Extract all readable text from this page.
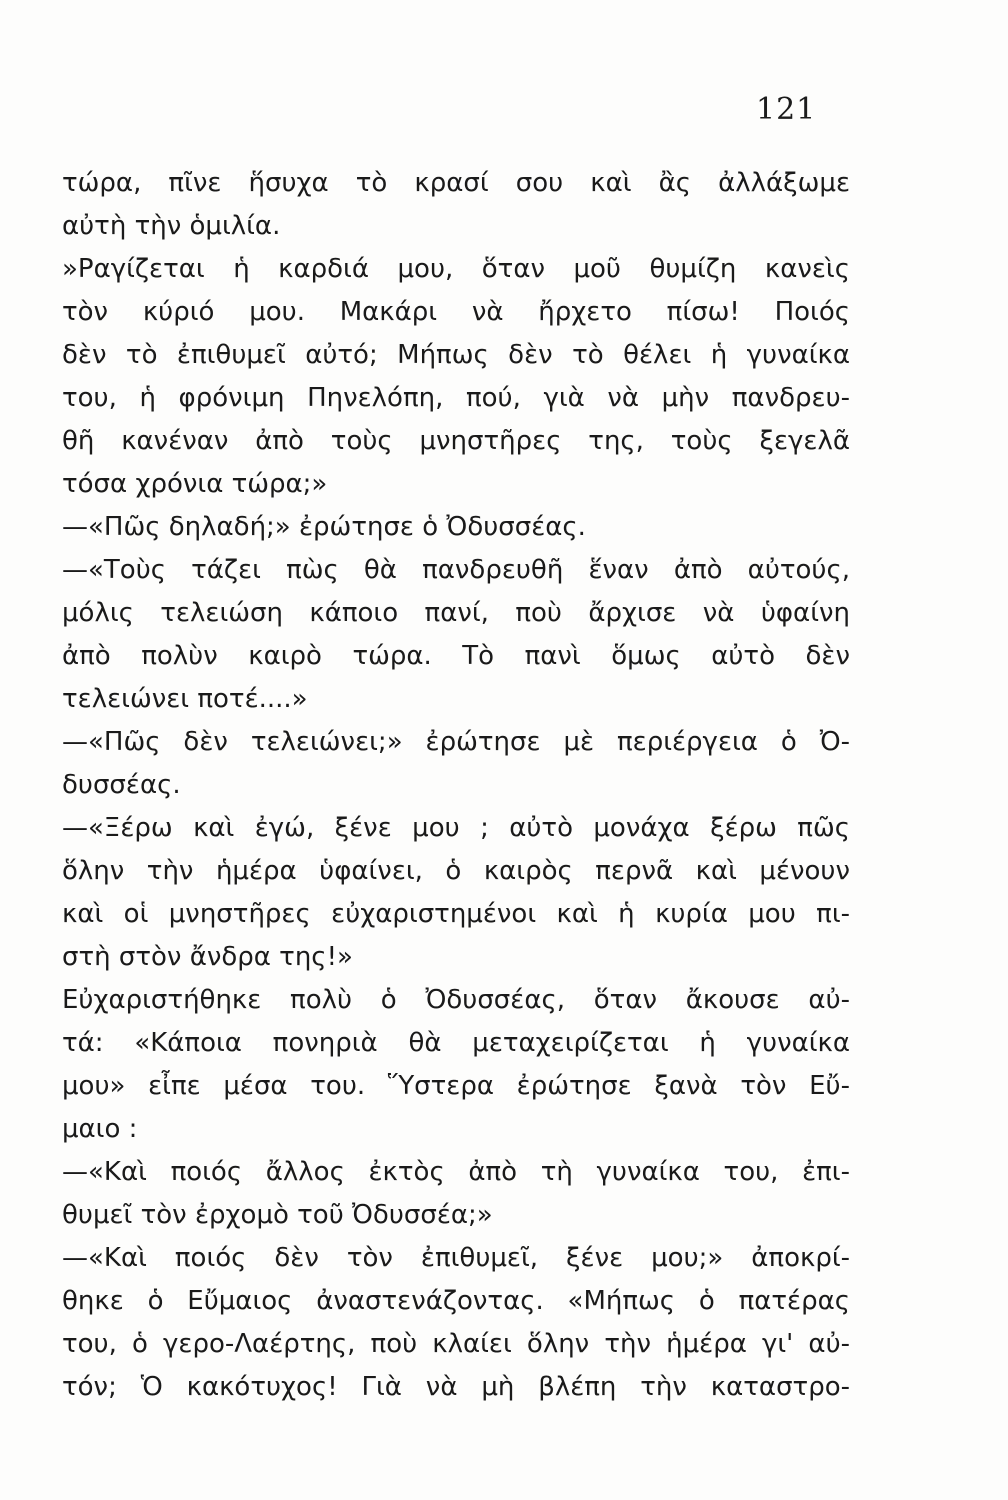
121
τώρα, πῖνε ἥσυχα τὸ κρασί σου καὶ ἂς ἀλλάξωμε
αὐτὴ τὴν ὁμιλία.
»Ραγίζεται ἡ καρδιά μου, ὅταν μοῦ θυμίζη κανεὶς
τὸν κύριό μου. Μακάρι νὰ ἤρχετο πίσω! Ποιός
δὲν τὸ ἐπιθυμεῖ αὐτό; Μήπως δὲν τὸ θέλει ἡ γυναίκα
του, ἡ φρόνιμη Πηνελόπη, πού, γιὰ νὰ μὴν πανδρευ-
θῆ κανέναν ἀπὸ τοὺς μνηστῆρες της, τοὺς ξεγελᾶ
τόσα χρόνια τώρα;»
—«Πῶς δηλαδή;» ἐρώτησε ὁ Ὀδυσσέας.
—«Τοὺς τάζει πὼς θὰ πανδρευθῆ ἕναν ἀπὸ αὐτούς,
μόλις τελειώση κάποιο πανί, ποὺ ἄρχισε νὰ ὑφαίνη
ἀπὸ πολὺν καιρὸ τώρα. Τὸ πανὶ ὅμως αὐτὸ δὲν
τελειώνει ποτέ....»
—«Πῶς δὲν τελειώνει;» ἐρώτησε μὲ περιέργεια ὁ Ὀ-
δυσσέας.
—«Ξέρω καὶ ἐγώ, ξένε μου ; αὐτὸ μονάχα ξέρω πῶς
ὅλην τὴν ἡμέρα ὑφαίνει, ὁ καιρὸς περνᾶ καὶ μένουν
καὶ οἱ μνηστῆρες εὐχαριστημένοι καὶ ἡ κυρία μου πι-
στὴ στὸν ἄνδρα της!»
Εὐχαριστήθηκε πολὺ ὁ Ὀδυσσέας, ὅταν ἄκουσε αὐ-
τά: «Κάποια πονηριὰ θὰ μεταχειρίζεται ἡ γυναίκα
μου» εἶπε μέσα του. Ὕστερα ἐρώτησε ξανὰ τὸν Εὔ-
μαιο :
—«Καὶ ποιός ἄλλος ἐκτὸς ἀπὸ τὴ γυναίκα του, ἐπι-
θυμεῖ τὸν ἐρχομὸ τοῦ Ὀδυσσέα;»
—«Καὶ ποιός δὲν τὸν ἐπιθυμεῖ, ξένε μου;» ἀποκρί-
θηκε ὁ Εὔμαιος ἀναστενάζοντας. «Μήπως ὁ πατέρας
του, ὁ γερο-Λαέρτης, ποὺ κλαίει ὅλην τὴν ἡμέρα γι' αὐ-
τόν; Ὁ κακότυχος! Γιὰ νὰ μὴ βλέπη τὴν καταστρο-
